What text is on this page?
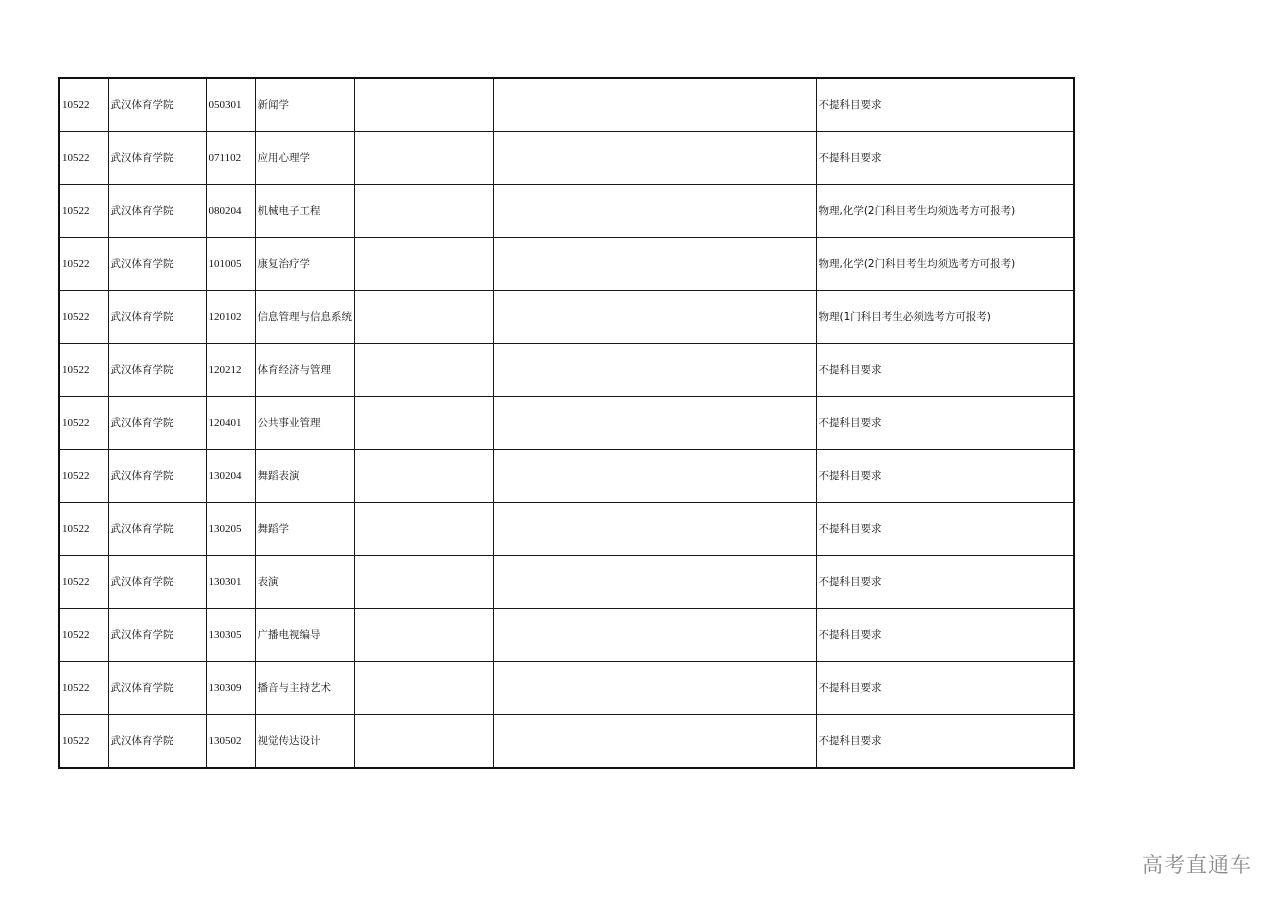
10522	武汉体育学院	050301	新闻学			不提科目要求
10522	武汉体育学院	071102	应用心理学			不提科目要求
10522	武汉体育学院	080204	机械电子工程			物理,化学(2门科目考生均须选考方可报考)
10522	武汉体育学院	101005	康复治疗学			物理,化学(2门科目考生均须选考方可报考)
10522	武汉体育学院	120102	信息管理与信息系统			物理(1门科目考生必须选考方可报考)
10522	武汉体育学院	120212	体育经济与管理			不提科目要求
10522	武汉体育学院	120401	公共事业管理			不提科目要求
10522	武汉体育学院	130204	舞蹈表演			不提科目要求
10522	武汉体育学院	130205	舞蹈学			不提科目要求
10522	武汉体育学院	130301	表演			不提科目要求
10522	武汉体育学院	130305	广播电视编导			不提科目要求
10522	武汉体育学院	130309	播音与主持艺术			不提科目要求
10522	武汉体育学院	130502	视觉传达设计			不提科目要求
高考直通车
